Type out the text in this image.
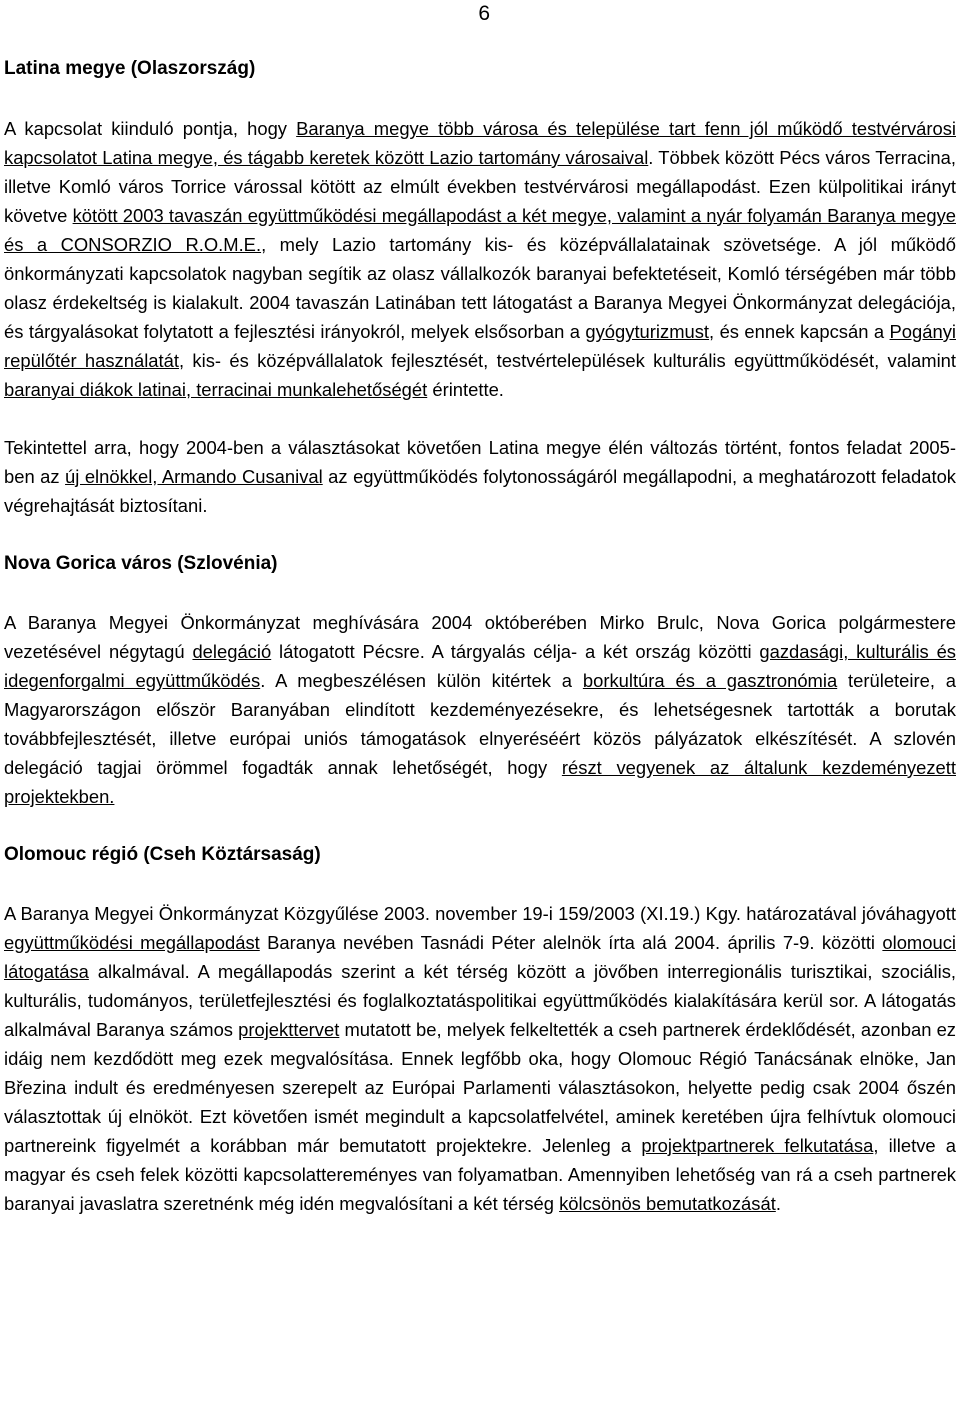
6
Latina megye (Olaszország)

A kapcsolat kiinduló pontja, hogy Baranya megye több városa és települése tart fenn jól működő testvérvárosi kapcsolatot Latina megye, és tágabb keretek között Lazio tartomány városaival. Többek között Pécs város Terracina, illetve Komló város Torrice várossal kötött az elmúlt években testvérvárosi megállapodást. Ezen külpolitikai irányt követve kötött 2003 tavaszán együttműködési megállapodást a két megye, valamint a nyár folyamán Baranya megye és a CONSORZIO R.O.M.E., mely Lazio tartomány kis- és középvállalatainak szövetsége. A jól működő önkormányzati kapcsolatok nagyban segítik az olasz vállalkozók baranyai befektetéseit, Komló térségében már több olasz érdekeltség is kialakult. 2004 tavaszán Latinában tett látogatást a Baranya Megyei Önkormányzat delegációja, és tárgyalásokat folytatott a fejlesztési irányokról, melyek elsősorban a gyógyturizmust, és ennek kapcsán a Pogányi repülőtér használatát, kis- és középvállalatok fejlesztését, testvértelepülések kulturális együttműködését, valamint baranyai diákok latinai, terracinai munkalehetőségét érintette.

Tekintettel arra, hogy 2004-ben a választásokat követően Latina megye élén változás történt, fontos feladat 2005-ben az új elnökkel, Armando Cusanival az együttműködés folytonosságáról megállapodni, a meghatározott feladatok végrehajtását biztosítani.

Nova Gorica város (Szlovénia)

A Baranya Megyei Önkormányzat meghívására 2004 októberében Mirko Brulc, Nova Gorica polgármestere vezetésével négytagú delegáció látogatott Pécsre. A tárgyalás célja- a két ország közötti gazdasági, kulturális és idegenforgalmi együttműködés. A megbeszélésen külön kitértek a borkultúra és a gasztronómia területeire, a Magyarországon először Baranyában elindított kezdeményezésekre, és lehetségesnek tartották a borutak továbbfejlesztését, illetve európai uniós támogatások elnyeréséért közös pályázatok elkészítését. A szlovén delegáció tagjai örömmel fogadták annak lehetőségét, hogy részt vegyenek az általunk kezdeményezett projektekben.

Olomouc régió (Cseh Köztársaság)

A Baranya Megyei Önkormányzat Közgyűlése 2003. november 19-i 159/2003 (XI.19.) Kgy. határozatával jóváhagyott együttműködési megállapodást Baranya nevében Tasnádi Péter alelnök írta alá 2004. április 7-9. közötti olomouci látogatása alkalmával. A megállapodás szerint a két térség között a jövőben interregionális turisztikai, szociális, kulturális, tudományos, területfejlesztési és foglalkoztatáspolitikai együttműködés kialakítására kerül sor. A látogatás alkalmával Baranya számos projekttervet mutatott be, melyek felkeltették a cseh partnerek érdeklődését, azonban ez idáig nem kezdődött meg ezek megvalósítása. Ennek legfőbb oka, hogy Olomouc Régió Tanácsának elnöke, Jan Březina indult és eredményesen szerepelt az Európai Parlamenti választásokon, helyette pedig csak 2004 őszén választottak új elnököt. Ezt követően ismét megindult a kapcsolatfelvétel, aminek keretében újra felhívtuk olomouci partnereink figyelmét a korábban már bemutatott projektekre. Jelenleg a projektpartnerek felkutatása, illetve a magyar és cseh felek közötti kapcsolattereményes van folyamatban. Amennyiben lehetőség van rá a cseh partnerek baranyai javaslatra szeretnénk még idén megvalósítani a két térség kölcsönös bemutatkozását.
